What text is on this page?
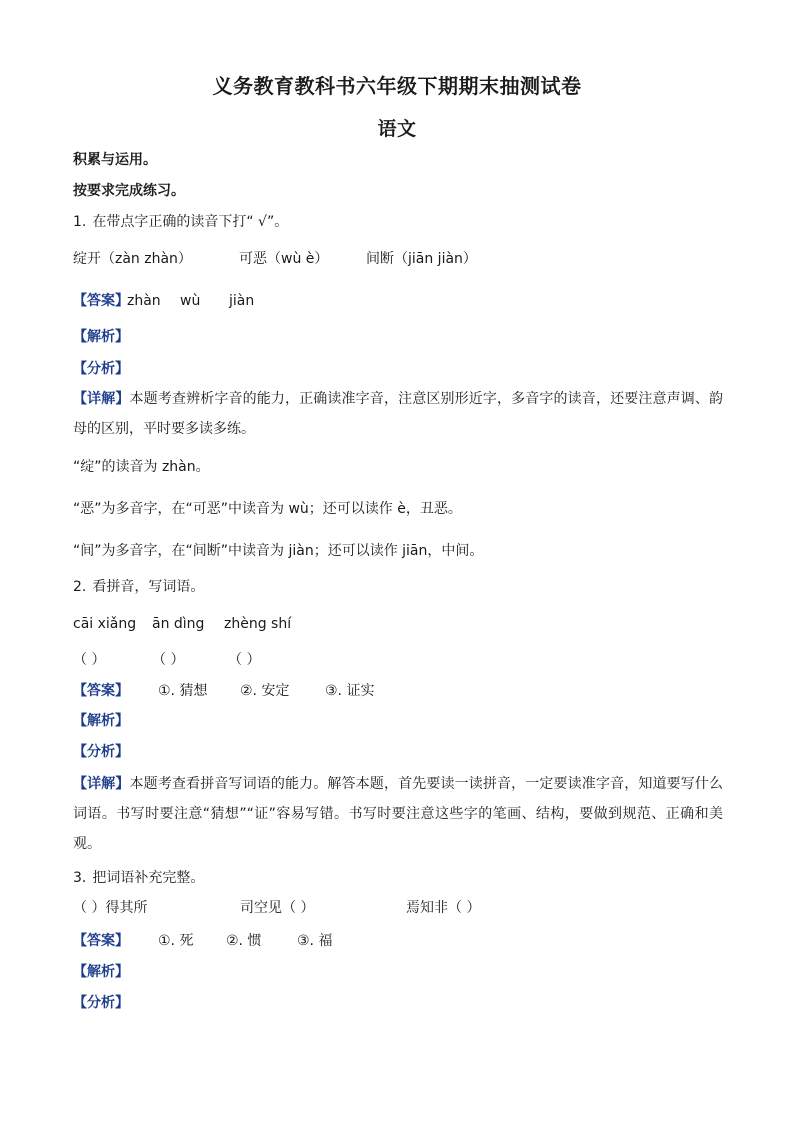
义务教育教科书六年级下期期末抽测试卷
语文
积累与运用。
按要求完成练习。
1. 在带点字正确的读音下打“ √”。
绽开（zàn zhàn）	可恶（wù è）	间断（jiān jiàn）
【答案】
zhàn wù jiàn
【解析】
【分析】
【详解】本题考查辨析字音的能力，正确读准字音，注意区别形近字，多音字的读音，还要注意声调、韵母的区别，平时要多读多练。
“绽”的读音为 zhàn。
“恶”为多音字，在“可恶”中读音为 wù；还可以读作 è，丑恶。
“间”为多音字，在“间断”中读音为 jiàn；还可以读作 jiān，中间。
2. 看拼音，写词语。
cāi xiǎng ān dìng zhèng shí
（ ）	（ ）	（ ）
【答案】 ①. 猜想 ②. 安定	③. 证实
【解析】
【分析】
【详解】本题考查看拼音写词语的能力。解答本题，首先要读一读拼音，一定要读准字音，知道要写什么词语。书写时要注意“猜想”“证”容易写错。书写时要注意这些字的笔画、结构，要做到规范、正确和美观。
3. 把词语补充完整。
（ ）得其所	司空见（ ）	焉知非（ ）
【答案】 ①. 死 ②. 惯	③. 福
【解析】
【分析】
